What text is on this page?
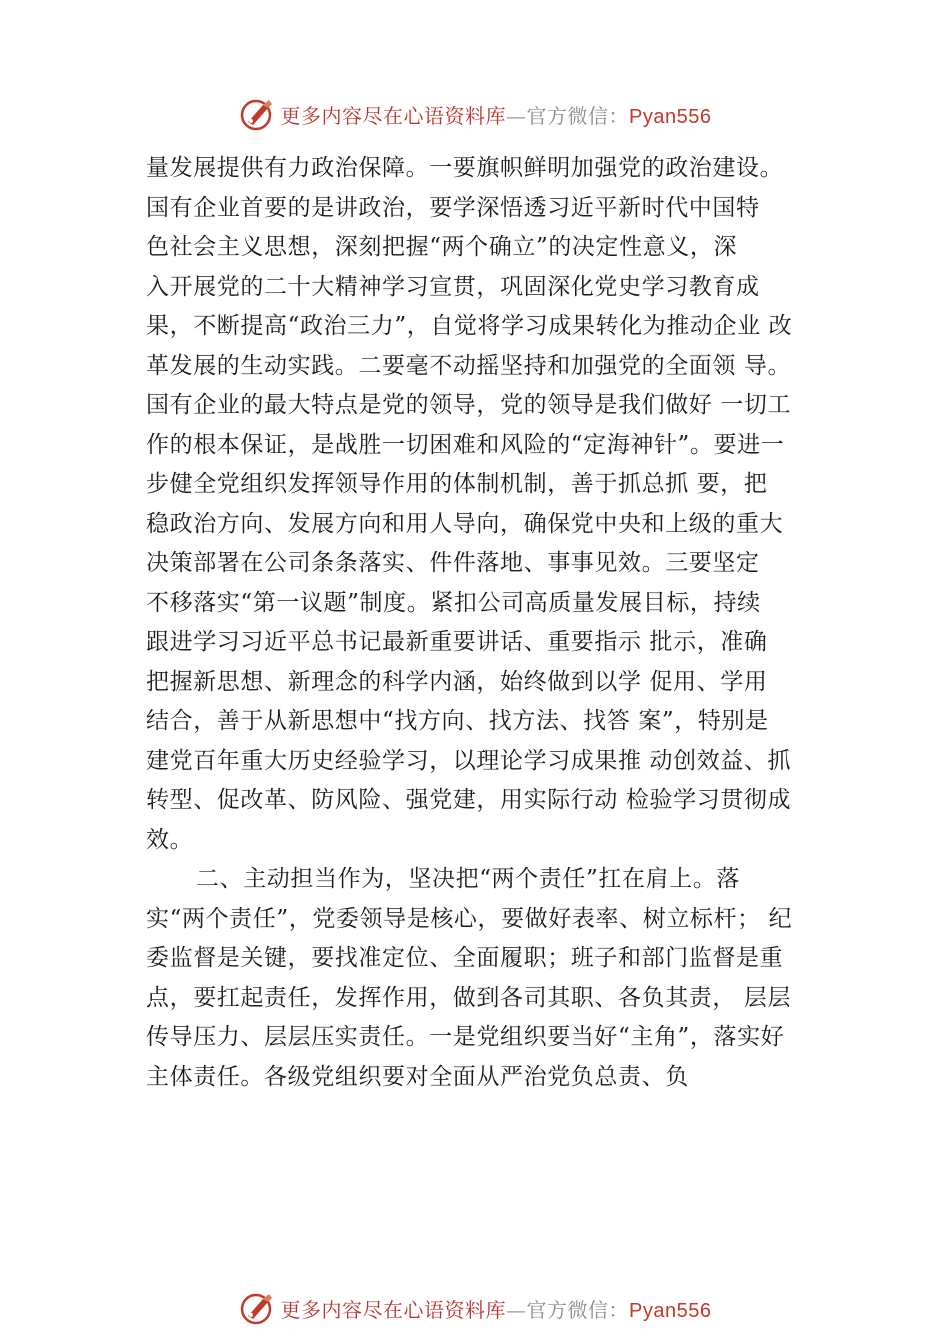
更多内容尽在心语资料库—官方微信：Pyan556
量发展提供有力政治保障。一要旗帜鲜明加强党的政治建设。
国有企业首要的是讲政治，要学深悟透习近平新时代中国特
色社会主义思想，深刻把握“两个确立”的决定性意义，深
入开展党的二十大精神学习宣贯，巩固深化党史学习教育成
果，不断提高“政治三力”，自觉将学习成果转化为推动企业 改
革发展的生动实践。二要毫不动摇坚持和加强党的全面领 导。
国有企业的最大特点是党的领导，党的领导是我们做好 一切工
作的根本保证，是战胜一切困难和风险的“定海神针”。要进一
步健全党组织发挥领导作用的体制机制，善于抓总抓 要，把
稳政治方向、发展方向和用人导向，确保党中央和上级的重大
决策部署在公司条条落实、件件落地、事事见效。三要坚定
不移落实“第一议题”制度。紧扣公司高质量发展目标，持续
跟进学习习近平总书记最新重要讲话、重要指示 批示，准确
把握新思想、新理念的科学内涵，始终做到以学 促用、学用
结合，善于从新思想中“找方向、找方法、找答 案”，特别是
建党百年重大历史经验学习，以理论学习成果推 动创效益、抓
转型、促改革、防风险、强党建，用实际行动 检验学习贯彻成
效。
二、主动担当作为，坚决把“两个责任”扛在肩上。落
实“两个责任”，党委领导是核心，要做好表率、树立标杆； 纪
委监督是关键，要找准定位、全面履职；班子和部门监督是重
点，要扛起责任，发挥作用，做到各司其职、各负其责， 层层
传导压力、层层压实责任。一是党组织要当好“主角”，落实好
主体责任。各级党组织要对全面从严治党负总责、负
更多内容尽在心语资料库—官方微信：Pyan556
